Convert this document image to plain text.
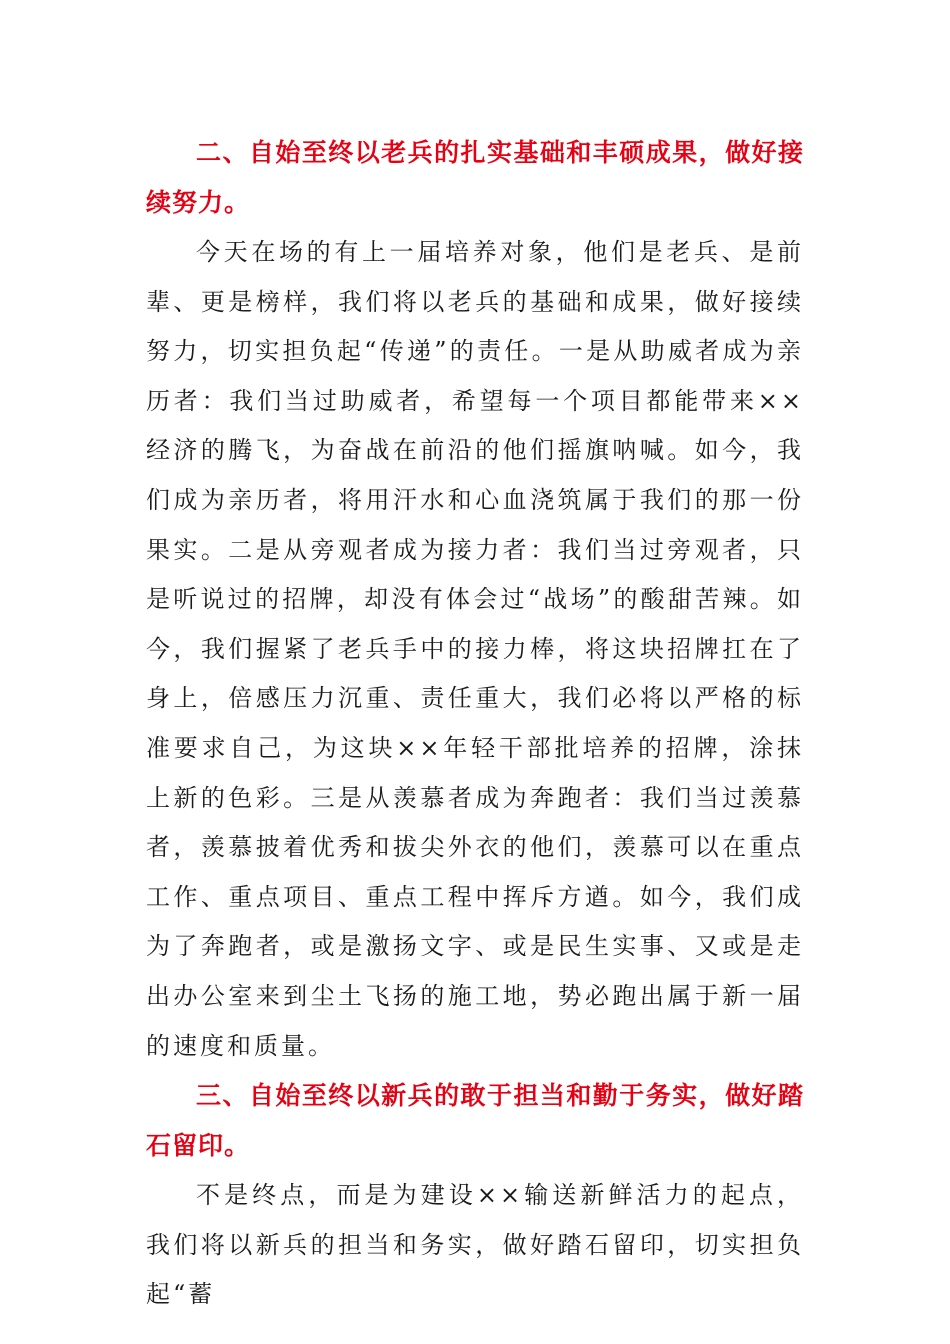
二、自始至终以老兵的扎实基础和丰硕成果，做好接续努力。

今天在场的有上一届培养对象，他们是老兵、是前辈、更是榜样，我们将以老兵的基础和成果，做好接续努力，切实担负起“传递”的责任。一是从助威者成为亲历者：我们当过助威者，希望每一个项目都能带来××经济的腾飞，为奋战在前沿的他们摇旗呐喊。如今，我们成为亲历者，将用汗水和心血浇筑属于我们的那一份果实。二是从旁观者成为接力者：我们当过旁观者，只是听说过的招牌，却没有体会过“战场”的酸甜苦辣。如今，我们握紧了老兵手中的接力棒，将这块招牌扛在了身上，倍感压力沉重、责任重大，我们必将以严格的标准要求自己，为这块××年轻干部批培养的招牌，涂抹上新的色彩。三是从羡慕者成为奔跑者：我们当过羡慕者，羡慕披着优秀和拔尖外衣的他们，羡慕可以在重点工作、重点项目、重点工程中挥斥方遒。如今，我们成为了奔跑者，或是激扬文字、或是民生实事、又或是走出办公室来到尘土飞扬的施工地，势必跑出属于新一届的速度和质量。

三、自始至终以新兵的敢于担当和勤于务实，做好踏石留印。

不是终点，而是为建设××输送新鲜活力的起点，我们将以新兵的担当和务实，做好踏石留印，切实担负起“蓄
